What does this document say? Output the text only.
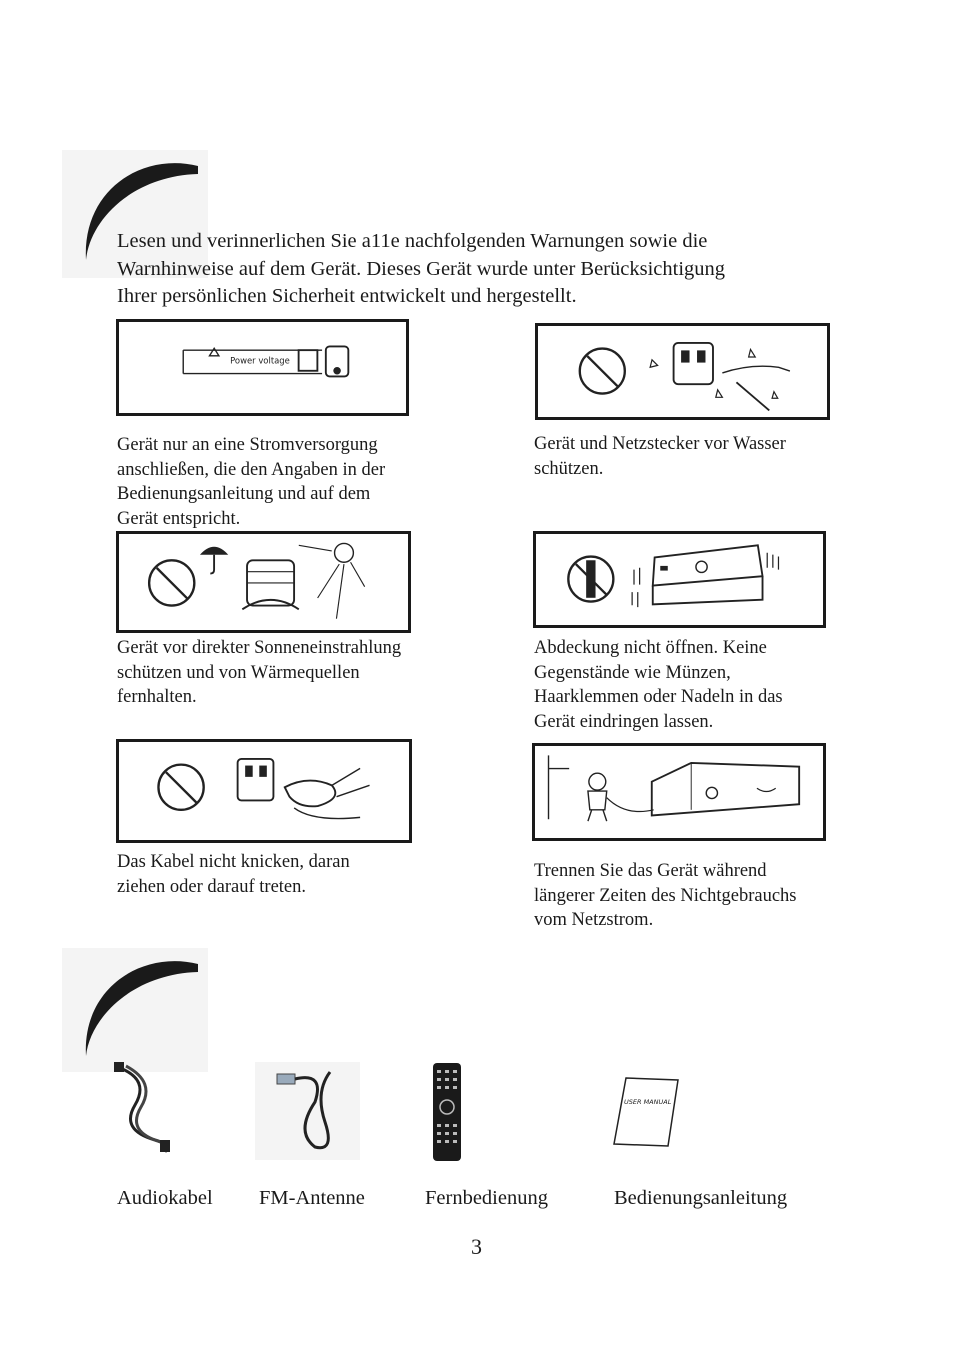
Lesen und verinnerlichen Sie a11e nachfolgenden Warnungen sowie die
Warnhinweise auf dem Gerät. Dieses Gerät wurde unter Berücksichtigung
Ihrer persönlichen Sicherheit entwickelt und hergestellt.
Power voltage
Gerät nur an eine Stromversorgung
anschließen, die den Angaben in der
Bedienungsanleitung und auf dem
Gerät entspricht.
Gerät und Netzstecker vor Wasser
schützen.
Gerät vor direkter Sonneneinstrahlung
schützen und von Wärmequellen
fernhalten.
Abdeckung nicht öffnen. Keine
Gegenstände wie Münzen,
Haarklemmen oder Nadeln in das
Gerät eindringen lassen.
Das Kabel nicht knicken, daran
ziehen oder darauf treten.
Trennen Sie das Gerät während
längerer Zeiten des Nichtgebrauchs
vom Netzstrom.
USER MANUAL
Audiokabel FM-Antenne	Fernbedienung	Bedienungsanleitung
3
